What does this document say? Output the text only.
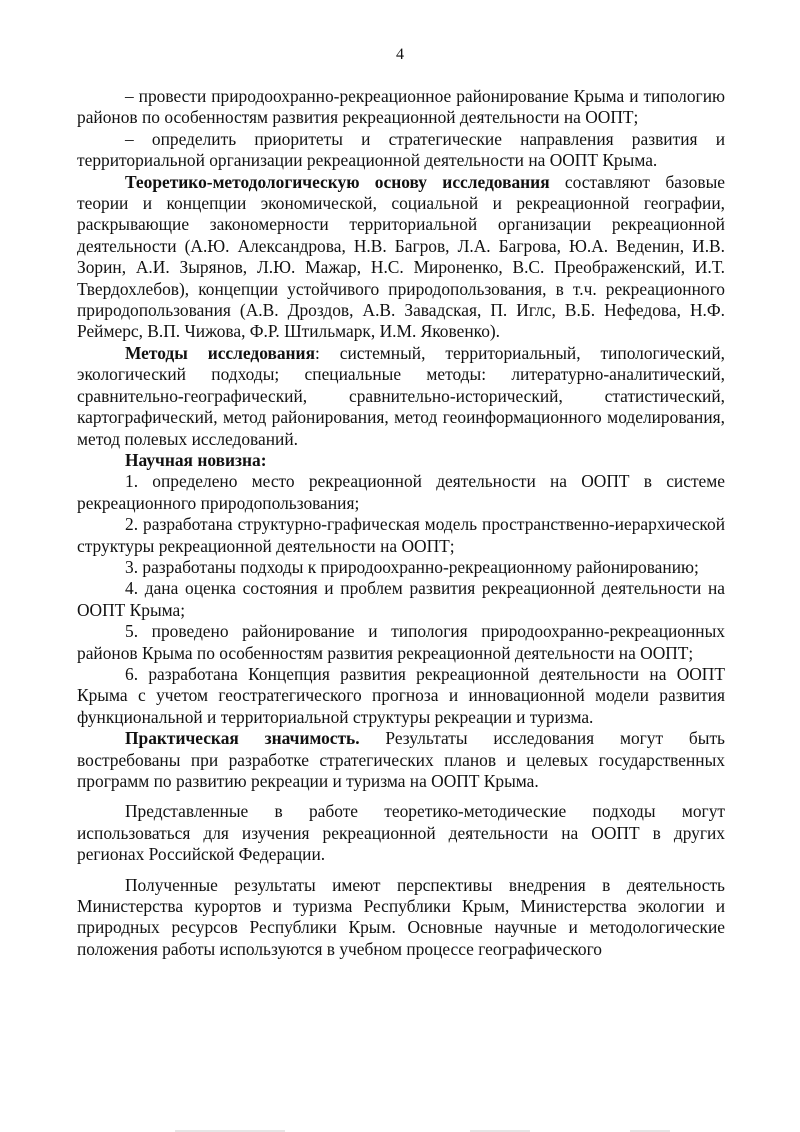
4

– провести природоохранно-рекреационное районирование Крыма и типологию районов по особенностям развития рекреационной деятельности на ООПТ;

– определить приоритеты и стратегические направления развития и территориальной организации рекреационной деятельности на ООПТ Крыма.

Теоретико-методологическую основу исследования составляют базовые теории и концепции экономической, социальной и рекреационной географии, раскрывающие закономерности территориальной организации рекреационной деятельности (А.Ю. Александрова, Н.В. Багров, Л.А. Багрова, Ю.А. Веденин, И.В. Зорин, А.И. Зырянов, Л.Ю. Мажар, Н.С. Мироненко, В.С. Преображенский, И.Т. Твердохлебов), концепции устойчивого природопользования, в т.ч. рекреационного природопользования (А.В. Дроздов, А.В. Завадская, П. Иглс, В.Б. Нефедова, Н.Ф. Реймерс, В.П. Чижова, Ф.Р. Штильмарк, И.М. Яковенко).

Методы исследования: системный, территориальный, типологический, экологический подходы; специальные методы: литературно-аналитический, сравнительно-географический, сравнительно-исторический, статистический, картографический, метод районирования, метод геоинформационного моделирования, метод полевых исследований.

Научная новизна:

1. определено место рекреационной деятельности на ООПТ в системе рекреационного природопользования;

2. разработана структурно-графическая модель пространственно-иерархической структуры рекреационной деятельности на ООПТ;

3. разработаны подходы к природоохранно-рекреационному районированию;

4. дана оценка состояния и проблем развития рекреационной деятельности на ООПТ Крыма;

5. проведено районирование и типология природоохранно-рекреационных районов Крыма по особенностям развития рекреационной деятельности на ООПТ;

6. разработана Концепция развития рекреационной деятельности на ООПТ Крыма с учетом геостратегического прогноза и инновационной модели развития функциональной и территориальной структуры рекреации и туризма.

Практическая значимость. Результаты исследования могут быть востребованы при разработке стратегических планов и целевых государственных программ по развитию рекреации и туризма на ООПТ Крыма.

Представленные в работе теоретико-методические подходы могут использоваться для изучения рекреационной деятельности на ООПТ в других регионах Российской Федерации.

Полученные результаты имеют перспективы внедрения в деятельность Министерства курортов и туризма Республики Крым, Министерства экологии и природных ресурсов Республики Крым. Основные научные и методологические положения работы используются в учебном процессе географического
